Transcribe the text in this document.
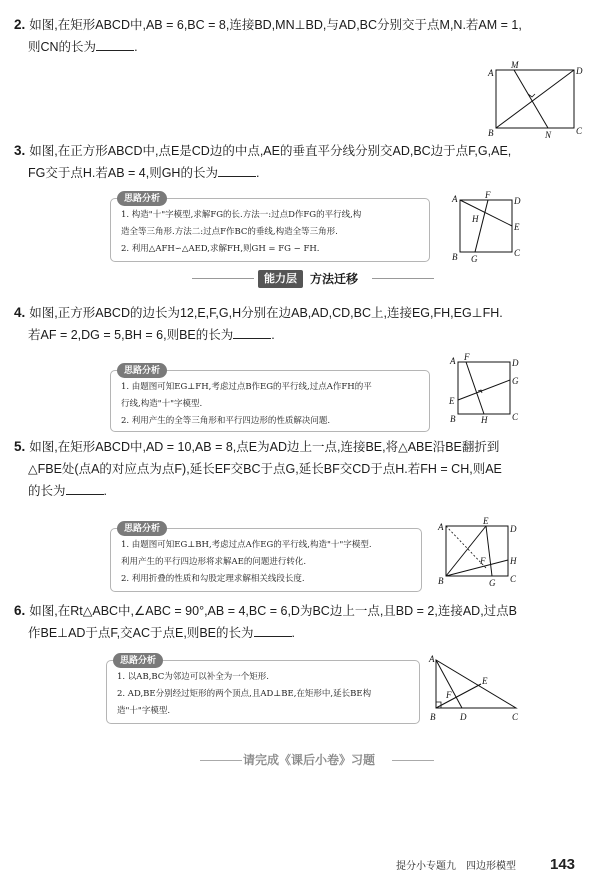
2. 如图,在矩形ABCD中,AB = 6,BC = 8,连接BD,MN⊥BD,与AD,BC分别交于点M,N.若AM = 1,
则CN的长为	.
A
M
D
B	N	C
3. 如图,在正方形ABCD中,点E是CD边的中点,AE的垂直平分线分别交AD,BC边于点F,G,AE,
FG交于点H.若AB = 4,则GH的长为	.
思路分析

1. 构造"十"字模型,求解FG的长.方法一:过点D作FG的平行线,构

造全等三角形.方法二:过点F作BC的垂线,构造全等三角形.

2. 利用△AFH∽△AED,求解FH,则GH = FG − FH.

A	F
D
H
E
B G
C
能力层	方法迁移
4. 如图,正方形ABCD的边长为12,E,F,G,H分别在边AB,AD,CD,BC上,连接EG,FH,EG⊥FH.
若AF = 2,DG = 5,BH = 6,则BE的长为	.
思路分析

1. 由题图可知EG⊥FH,考虑过点B作EG的平行线,过点A作FH的平

行线,构造"十"字模型.

2. 利用产生的全等三角形和平行四边形的性质解决问题.

A F
D
G
E
B	H	C
5. 如图,在矩形ABCD中,AD = 10,AB = 8,点E为AD边上一点,连接BE,将△ABE沿BE翻折到
△FBE处(点A的对应点为点F),延长EF交BC于点G,延长BF交CD于点H.若FH = CH,则AE
的长为	.
思路分析

1. 由题图可知EG⊥BH,考虑过点A作EG的平行线,构造"十"字模型.

利用产生的平行四边形将求解AE的问题进行转化.

2. 利用折叠的性质和勾股定理求解相关线段长度.

A
E
D
F	H
B	G C
6. 如图,在Rt△ABC中,∠ABC = 90°,AB = 4,BC = 6,D为BC边上一点,且BD = 2,连接AD,过点B
作BE⊥AD于点F,交AC于点E,则BE的长为	.
思路分析

1. 以AB,BC为邻边可以补全为一个矩形.

2. AD,BE分别经过矩形的两个顶点,且AD⊥BE,在矩形中,延长BE构

造"十"字模型.

A
E
F
B	D	C
请完成《课后小卷》习题
提分小专题九　四边形模型 143
